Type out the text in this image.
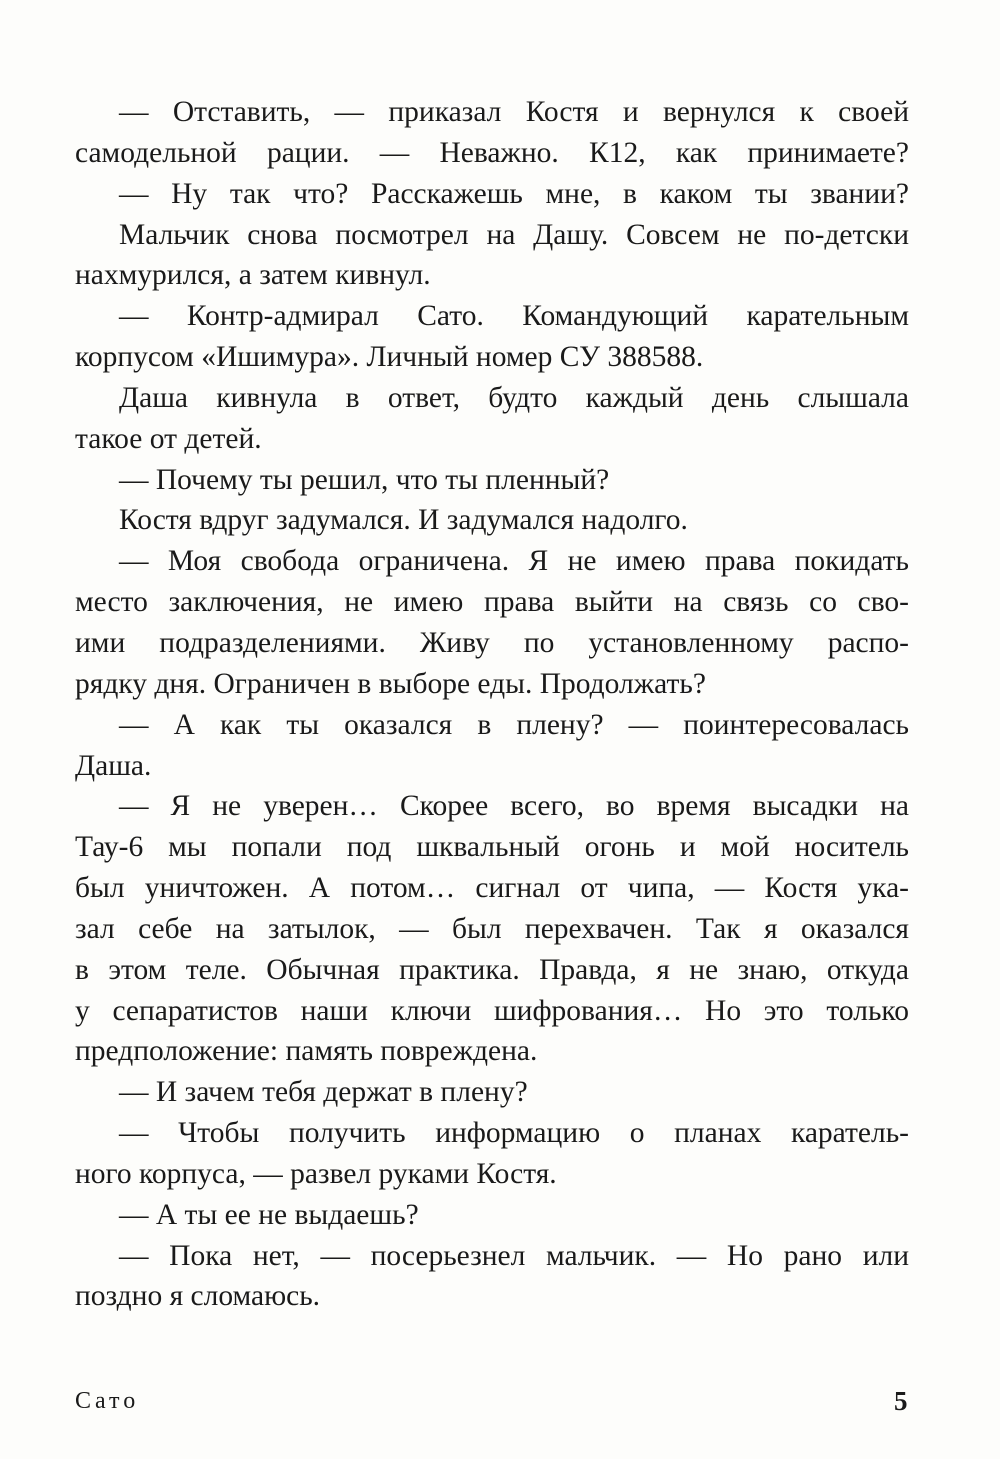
— Отставить, — приказал Костя и вернулся к своей
самодельной рации. — Неважно. К12, как принимаете?
— Ну так что? Расскажешь мне, в каком ты звании?
Мальчик снова посмотрел на Дашу. Совсем не по-детски
нахмурился, а затем кивнул.
— Контр-адмирал Сато. Командующий карательным
корпусом «Ишимура». Личный номер СУ 388588.
Даша кивнула в ответ, будто каждый день слышала
такое от детей.
— Почему ты решил, что ты пленный?
Костя вдруг задумался. И задумался надолго.
— Моя свобода ограничена. Я не имею права покидать
место заключения, не имею права выйти на связь со сво-
ими подразделениями. Живу по установленному распо-
рядку дня. Ограничен в выборе еды. Продолжать?
— А как ты оказался в плену? — поинтересовалась
Даша.
— Я не уверен… Скорее всего, во время высадки на
Тау-6 мы попали под шквальный огонь и мой носитель
был уничтожен. А потом… сигнал от чипа, — Костя ука-
зал себе на затылок, — был перехвачен. Так я оказался
в этом теле. Обычная практика. Правда, я не знаю, откуда
у сепаратистов наши ключи шифрования… Но это только
предположение: память повреждена.
— И зачем тебя держат в плену?
— Чтобы получить информацию о планах каратель-
ного корпуса, — развел руками Костя.
— А ты ее не выдаешь?
— Пока нет, — посерьезнел мальчик. — Но рано или
поздно я сломаюсь.
Сато	5
